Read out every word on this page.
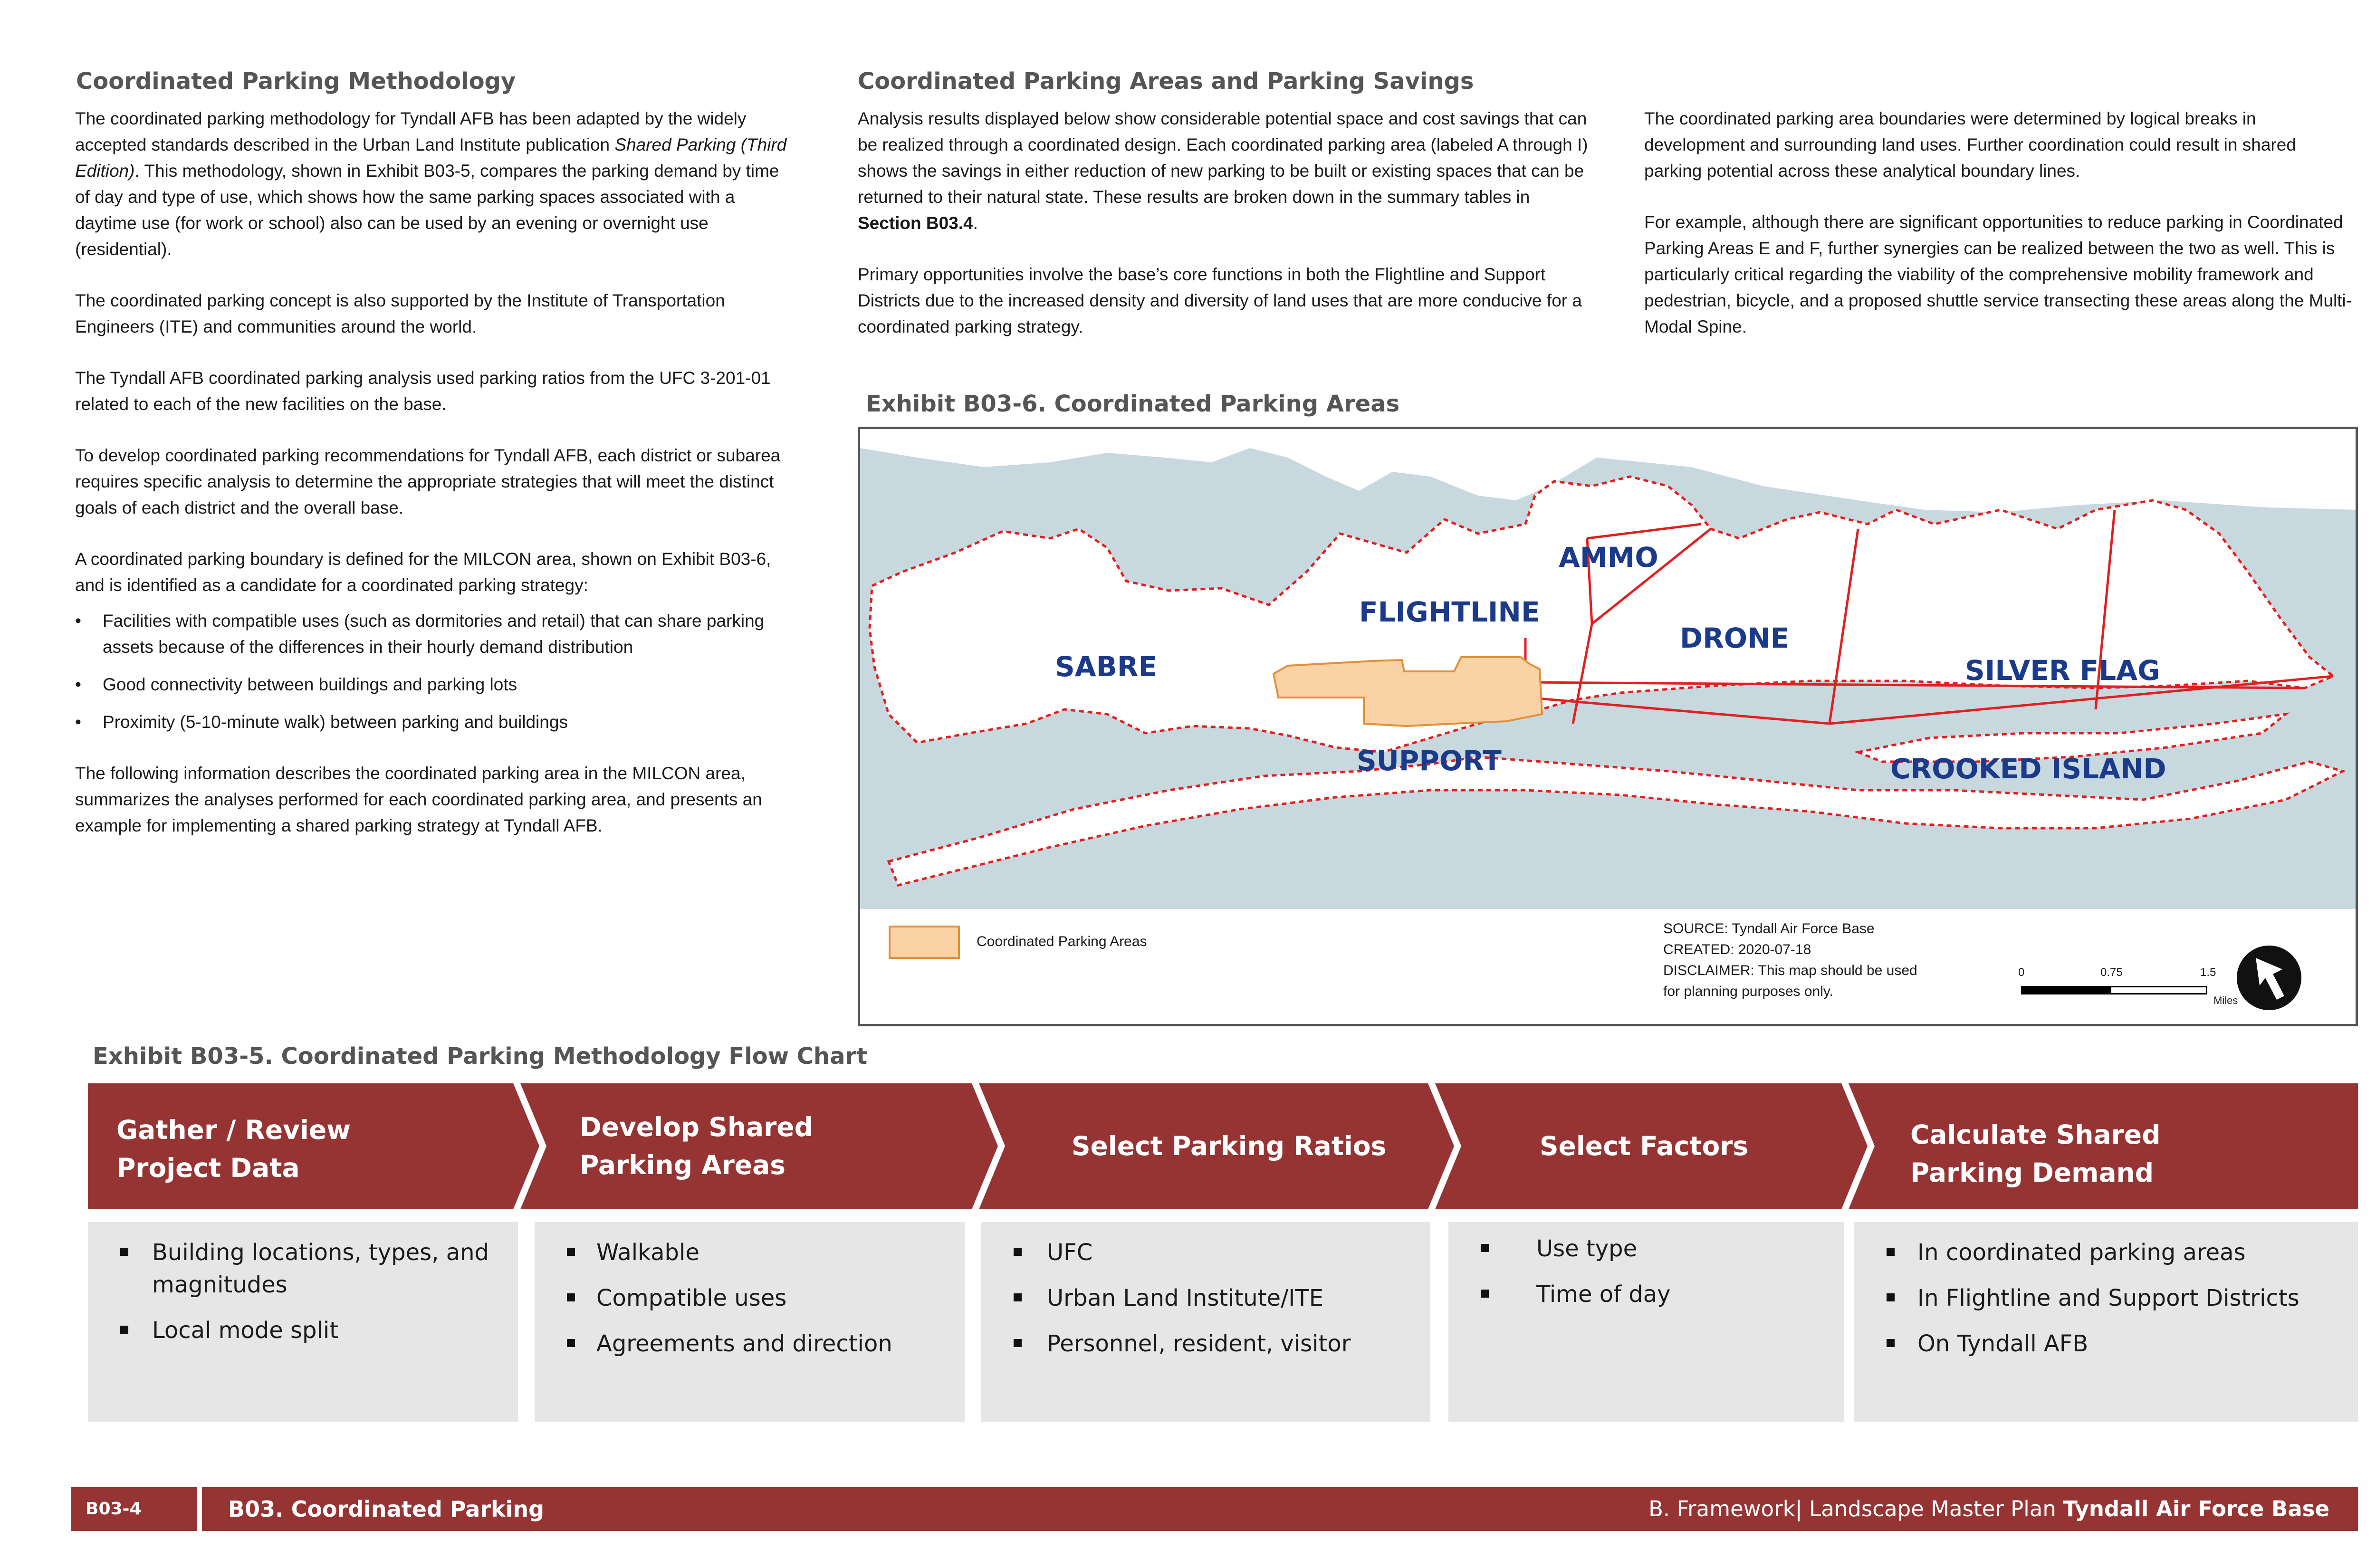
Coordinated Parking Methodology

The coordinated parking methodology for Tyndall AFB has been adapted by the widely accepted standards described in the Urban Land Institute publication Shared Parking (Third Edition). This methodology, shown in Exhibit B03-5, compares the parking demand by time of day and type of use, which shows how the same parking spaces associated with a daytime use (for work or school) also can be used by an evening or overnight use (residential).

The coordinated parking concept is also supported by the Institute of Transportation Engineers (ITE) and communities around the world.

The Tyndall AFB coordinated parking analysis used parking ratios from the UFC 3-201-01 related to each of the new facilities on the base.

To develop coordinated parking recommendations for Tyndall AFB, each district or subarea requires specific analysis to determine the appropriate strategies that will meet the distinct goals of each district and the overall base.

A coordinated parking boundary is defined for the MILCON area, shown on Exhibit B03-6, and is identified as a candidate for a coordinated parking strategy:

• Facilities with compatible uses (such as dormitories and retail) that can share parking assets because of the differences in their hourly demand distribution
• Good connectivity between buildings and parking lots
• Proximity (5-10-minute walk) between parking and buildings

The following information describes the coordinated parking area in the MILCON area, summarizes the analyses performed for each coordinated parking area, and presents an example for implementing a shared parking strategy at Tyndall AFB.

Coordinated Parking Areas and Parking Savings

Analysis results displayed below show considerable potential space and cost savings that can be realized through a coordinated design. Each coordinated parking area (labeled A through I) shows the savings in either reduction of new parking to be built or existing spaces that can be returned to their natural state. These results are broken down in the summary tables in Section B03.4.

Primary opportunities involve the base’s core functions in both the Flightline and Support Districts due to the increased density and diversity of land uses that are more conducive for a coordinated parking strategy.

The coordinated parking area boundaries were determined by logical breaks in development and surrounding land uses. Further coordination could result in shared parking potential across these analytical boundary lines.

For example, although there are significant opportunities to reduce parking in Coordinated Parking Areas E and F, further synergies can be realized between the two as well. This is particularly critical regarding the viability of the comprehensive mobility framework and pedestrian, bicycle, and a proposed shuttle service transecting these areas along the Multi-Modal Spine.

Exhibit B03-6. Coordinated Parking Areas
SABRE
FLIGHTLINE
AMMO
DRONE
SILVER FLAG
SUPPORT	CROOKED ISLAND
Coordinated Parking Areas
SOURCE: Tyndall Air Force Base
CREATED: 2020-07-18
DISCLAIMER: This map should be used
for planning purposes only.
0	0.75	1.5
Miles
Exhibit B03-5. Coordinated Parking Methodology Flow Chart
Gather / Review
Project Data
Develop Shared
Parking Areas
Select Parking Ratios	Select Factors	Calculate Shared
Parking Demand
Building locations, types, and magnitudes
Local mode split
Walkable
Compatible uses
Agreements and direction
UFC
Urban Land Institute/ITE
Personnel, resident, visitor
Use type
Time of day
In coordinated parking areas
In Flightline and Support Districts
On Tyndall AFB
B03-4	B03. Coordinated Parking	B. Framework| Landscape Master Plan Tyndall Air Force Base
